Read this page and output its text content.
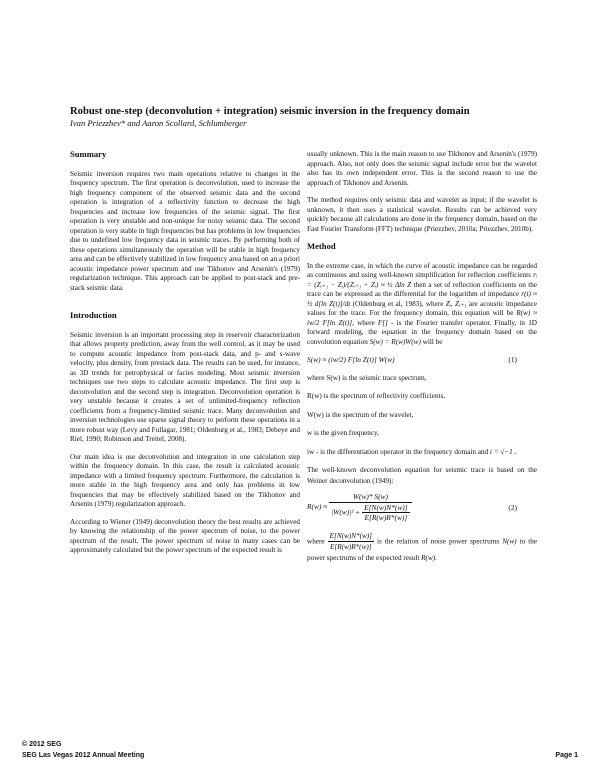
Robust one-step (deconvolution + integration) seismic inversion in the frequency domain
Ivan Priezzhev* and Aaron Scollard, Schlumberger
Summary

Seismic inversion requires two main operations relative to changes in the frequency spectrum. The first operation is deconvolution, used to increase the high frequency component of the observed seismic data and the second operation is integration of a reflectivity function to decrease the high frequencies and increase low frequencies of the seismic signal. The first operation is very unstable and non-unique for noisy seismic data. The second operation is very stable in high frequencies but has problems in low frequencies due to undefined low frequency data in seismic traces. By performing both of these operations simultaneously the operation will be stable in high frequency area and can be effectively stabilized in low frequency area based on an a priori acoustic impedance power spectrum and use Tikhonov and Arsenin's (1979) regularization technique. This approach can be applied to post-stack and pre-stack seismic data.

Introduction

Seismic inversion is an important processing step in reservoir characterization that allows property prediction, away from the well control, as it may be used to compute acoustic impedance from post-stack data, and p- and s-wave velocity, plus density, from prestack data. The results can be used, for instance, as 3D trends for petrophysical or facies modeling. Most seismic inversion techniques use two steps to calculate acoustic impedance. The first step is deconvolution and the second step is integration. Deconvolution operation is very unstable because it creates a set of unlimited-frequency reflection coefficients from a frequency-limited seismic trace. Many deconvolution and inversion technologies use sparse signal theory to perform these operations in a more robust way (Levy and Fullagar, 1981; Oldenburg et al., 1983; Debeye and Riel, 1990; Robinson and Treitel, 2008).

Our main idea is use deconvolution and integration in one calculation step within the frequency domain. In this case, the result is calculated acoustic impedance with a limited frequency spectrum. Furthermore, the calculation is more stable in the high frequency area and only has problems in low frequencies that may be effectively stabilized based on the Tikhonov and Arsenin (1979) regularization approach.

According to Wiener (1949) deconvolution theory the best results are achieved by knowing the relationship of the power spectrum of noise, to the power spectrum of the result. The power spectrum of noise in many cases can be approximately calculated but the power spectrum of the expected result is

usually unknown. This is the main reason to use Tikhonov and Arsenin's (1979) approach. Also, not only does the seismic signal include error but the wavelet also has its own independent error. This is the second reason to use the approach of Tikhonov and Arsenin.

The method requires only seismic data and wavelet as input; if the wavelet is unknown, it then uses a statistical wavelet. Results can be achieved very quickly because all calculations are done in the frequency domain, based on the Fast Fourier Transform (FFT) technique (Priezzhev, 2010a; Priezzhev, 2010b).

Method

In the extreme case, in which the curve of acoustic impedance can be regarded as continuous and using well-known simplification for reflection coefficients rᵢ = (Zᵢ₊₁ − Zᵢ)/(Zᵢ₊₁ + Zᵢ) ≈ ½ Δln Z then a set of reflection coefficients on the trace can be expressed as the differential for the logarithm of impedance r(t) ≈ ½ d[ln Z(t)]/dt (Oldenburg et al, 1983), where Zᵢ, Zᵢ₊₁ are acoustic impedance values for the trace. For the frequency domain, this equation will be R(w) ≈ iw/2 F[ln Z(t)], where F[] - is the Fourier transfer operator. Finally, in 1D forward modeling, the equation in the frequency domain based on the convolution equation S(w) = R(w)W(w) will be

S(w) ≈ (iw/2) F[ln Z(t)] W(w)	(1)

where S(w) is the seismic trace spectrum,

R(w) is the spectrum of reflectivity coefficients,

W(w) is the spectrum of the wavelet,

w is the given frequency,

iw - is the differentiation operator in the frequency domain and i = √−1 .

The well-known deconvolution equation for seismic trace is based on the Weiner deconvolution (1949):

R(w) ≈
W(w)* S(w)
$|W(w)|^2 + \frac{E[N(w)N*(w)]}{E[R(w)R*(w)]}$	(2)

where $\frac{E[N(w)N*(w)]}{E[R(w)R*(w)]}$ is the relation of noise power spectrums N(w) to the power spectrums of the expected result R(w).

© 2012 SEG
SEG Las Vegas 2012 Annual Meeting	Page 1
